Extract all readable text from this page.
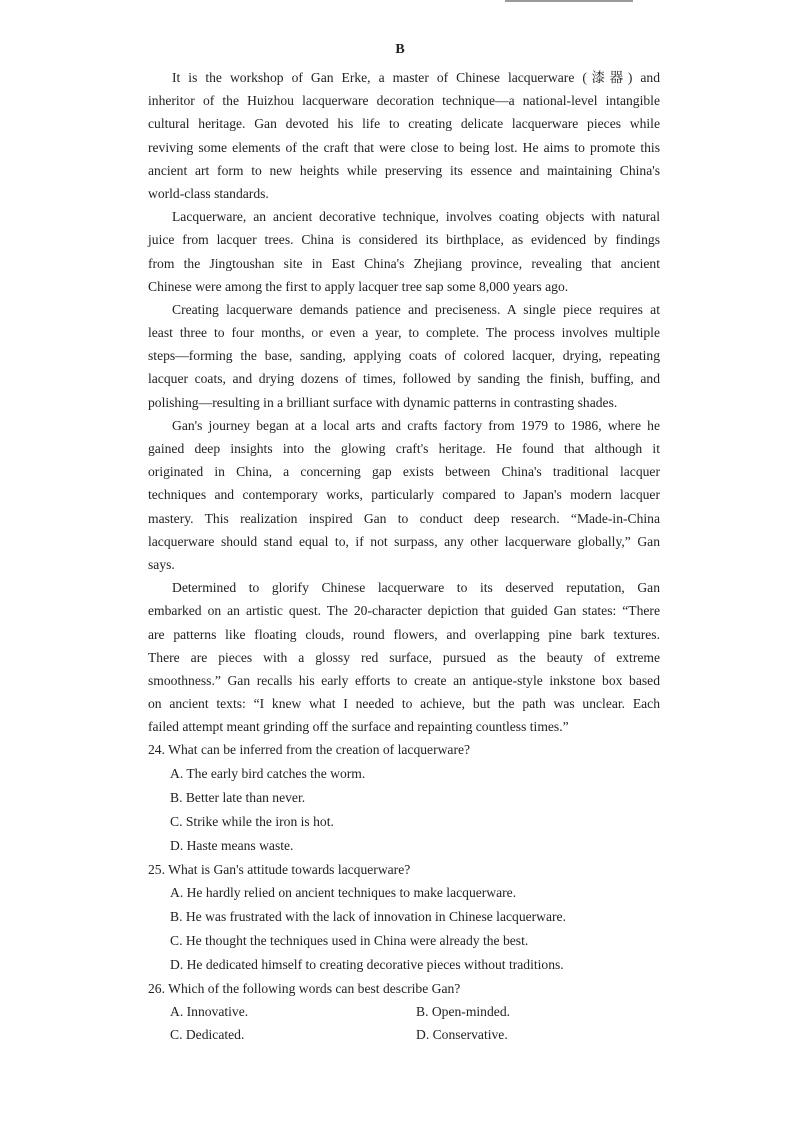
B
It is the workshop of Gan Erke, a master of Chinese lacquerware (漆器) and
inheritor of the Huizhou lacquerware decoration technique—a national-level intangible
cultural heritage. Gan devoted his life to creating delicate lacquerware pieces while
reviving some elements of the craft that were close to being lost. He aims to promote this
ancient art form to new heights while preserving its essence and maintaining China's
world-class standards.
Lacquerware, an ancient decorative technique, involves coating objects with natural
juice from lacquer trees. China is considered its birthplace, as evidenced by findings
from the Jingtoushan site in East China's Zhejiang province, revealing that ancient
Chinese were among the first to apply lacquer tree sap some 8,000 years ago.
Creating lacquerware demands patience and preciseness. A single piece requires at
least three to four months, or even a year, to complete. The process involves multiple
steps—forming the base, sanding, applying coats of colored lacquer, drying, repeating
lacquer coats, and drying dozens of times, followed by sanding the finish, buffing, and
polishing—resulting in a brilliant surface with dynamic patterns in contrasting shades.
Gan's journey began at a local arts and crafts factory from 1979 to 1986, where he
gained deep insights into the glowing craft's heritage. He found that although it
originated in China, a concerning gap exists between China's traditional lacquer
techniques and contemporary works, particularly compared to Japan's modern lacquer
mastery. This realization inspired Gan to conduct deep research. “Made-in-China
lacquerware should stand equal to, if not surpass, any other lacquerware globally,” Gan
says.
Determined to glorify Chinese lacquerware to its deserved reputation, Gan
embarked on an artistic quest. The 20-character depiction that guided Gan states: “There
are patterns like floating clouds, round flowers, and overlapping pine bark textures.
There are pieces with a glossy red surface, pursued as the beauty of extreme
smoothness.” Gan recalls his early efforts to create an antique-style inkstone box based
on ancient texts: “I knew what I needed to achieve, but the path was unclear. Each
failed attempt meant grinding off the surface and repainting countless times.”
24. What can be inferred from the creation of lacquerware?
A. The early bird catches the worm.
B. Better late than never.
C. Strike while the iron is hot.
D. Haste means waste.
25. What is Gan's attitude towards lacquerware?
A. He hardly relied on ancient techniques to make lacquerware.
B. He was frustrated with the lack of innovation in Chinese lacquerware.
C. He thought the techniques used in China were already the best.
D. He dedicated himself to creating decorative pieces without traditions.
26. Which of the following words can best describe Gan?
A. Innovative.	B. Open-minded.
C. Dedicated.	D. Conservative.
